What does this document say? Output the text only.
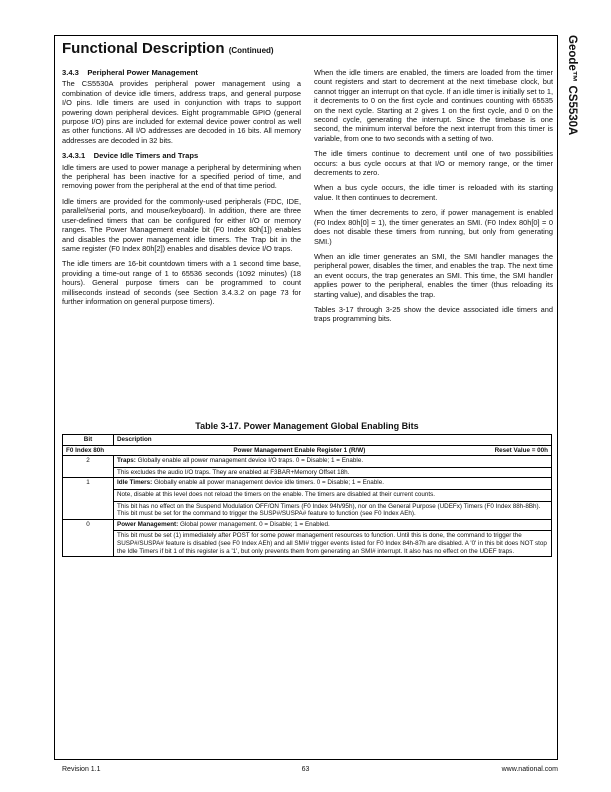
Geode™ CS5530A
Functional Description (Continued)
3.4.3    Peripheral Power Management

The CS5530A provides peripheral power management using a combination of device idle timers, address traps, and general purpose I/O pins. Idle timers are used in conjunction with traps to support powering down peripheral devices. Eight programmable GPIO (general purpose I/O) pins are included for external device power control as well as other functions. All I/O addresses are decoded in 16 bits. All memory addresses are decoded in 32 bits.

3.4.3.1    Device Idle Timers and Traps

Idle timers are used to power manage a peripheral by determining when the peripheral has been inactive for a specified period of time, and removing power from the peripheral at the end of that time period.

Idle timers are provided for the commonly-used peripherals (FDC, IDE, parallel/serial ports, and mouse/keyboard). In addition, there are three user-defined timers that can be configured for either I/O or memory ranges. The Power Management enable bit (F0 Index 80h[1]) enables and disables the power management idle timers. The Trap bit in the same register (F0 Index 80h[2]) enables and disables device I/O traps.

The idle timers are 16-bit countdown timers with a 1 second time base, providing a time-out range of 1 to 65536 seconds (1092 minutes) (18 hours). General purpose timers can be programmed to count milliseconds instead of seconds (see Section 3.4.3.2 on page 73 for further information on general purpose timers).

When the idle timers are enabled, the timers are loaded from the timer count registers and start to decrement at the next timebase clock, but cannot trigger an interrupt on that cycle. If an idle timer is initially set to 1, it decrements to 0 on the first cycle and continues counting with 65535 on the next cycle. Starting at 2 gives 1 on the first cycle, and 0 on the second cycle, generating the interrupt. Since the timebase is one second, the minimum interval before the next interrupt from this timer is variable, from one to two seconds with a setting of two.

The idle timers continue to decrement until one of two possibilities occurs: a bus cycle occurs at that I/O or memory range, or the timer decrements to zero.

When a bus cycle occurs, the idle timer is reloaded with its starting value. It then continues to decrement.

When the timer decrements to zero, if power management is enabled (F0 Index 80h[0] = 1), the timer generates an SMI. (F0 Index 80h[0] = 0 does not disable these timers from running, but only from generating SMI.)

When an idle timer generates an SMI, the SMI handler manages the peripheral power, disables the timer, and enables the trap. The next time an event occurs, the trap generates an SMI. This time, the SMI handler applies power to the peripheral, enables the timer (thus reloading its starting value), and disables the trap.

Tables 3-17 through 3-25 show the device associated idle timers and traps programming bits.

Table 3-17. Power Management Global Enabling Bits
Bit	Description

F0 Index 80h Power Management Enable Register 1 (R/W) Reset Value = 00h	

2	Traps: Globally enable all power management device I/O traps. 0 = Disable; 1 = Enable.
This excludes the audio I/O traps. They are enabled at F3BAR+Memory Offset 18h.

1	Idle Timers: Globally enable all power management device idle timers. 0 = Disable; 1 = Enable.
Note, disable at this level does not reload the timers on the enable. The timers are disabled at their current counts.
This bit has no effect on the Suspend Modulation OFF/ON Timers (F0 Index 94h/95h), nor on the General Purpose (UDEFx) Timers (F0 Index 88h-8Bh). This bit must be set for the command to trigger the SUSP#/SUSPA# feature to function (see F0 Index AEh).

0	Power Management: Global power management. 0 = Disable; 1 = Enabled.
This bit must be set (1) immediately after POST for some power management resources to function. Until this is done, the command to trigger the SUSP#/SUSPA# feature is disabled (see F0 Index AEh) and all SMI# trigger events listed for F0 Index 84h-87h are disabled. A '0' in this bit does NOT stop the Idle Timers if bit 1 of this register is a '1', but only prevents them from generating an SMI# interrupt. It also has no effect on the UDEF traps.
Revision 1.1	63	www.national.com
